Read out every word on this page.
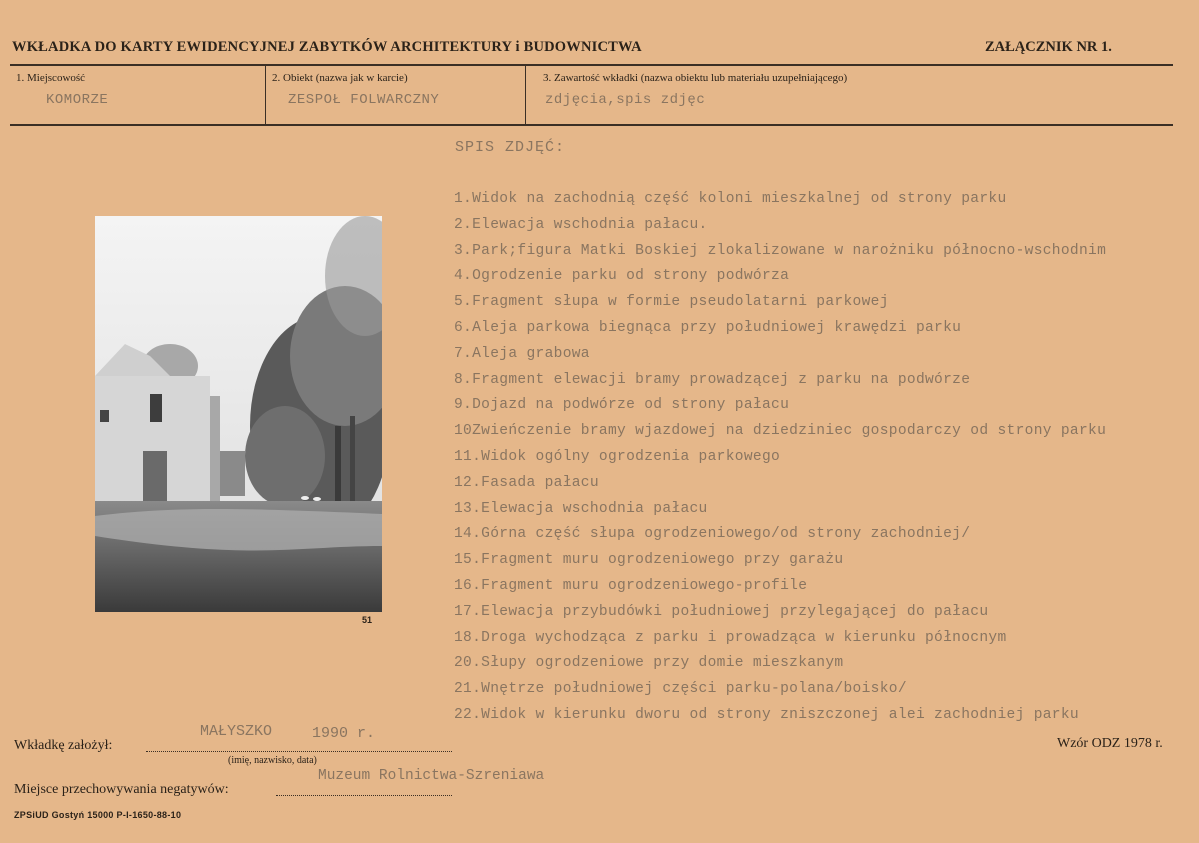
WKŁADKA DO KARTY EWIDENCYJNEJ ZABYTKÓW ARCHITEKTURY i BUDOWNICTWA	ZAŁĄCZNIK NR 1.
1. Miejscowość
KOMORZE
2. Obiekt (nazwa jak w karcie)
ZESPOŁ FOLWARCZNY
3. Zawartość wkładki (nazwa obiektu lub materiału uzupełniającego)
zdjęcia,spis zdjęc
51
SPIS ZDJĘĆ:
1.Widok na zachodnią część koloni mieszkalnej od strony parku
2.Elewacja wschodnia pałacu.
3.Park;figura Matki Boskiej zlokalizowane w narożniku północno-wschodnim
4.Ogrodzenie parku od strony podwórza
5.Fragment słupa w formie pseudolatarni parkowej
6.Aleja parkowa biegnąca przy południowej krawędzi parku
7.Aleja grabowa
8.Fragment elewacji bramy prowadzącej z parku na podwórze
9.Dojazd na podwórze od strony pałacu
10Zwieńczenie bramy wjazdowej na dziedziniec gospodarczy od strony parku
11.Widok ogólny ogrodzenia parkowego
12.Fasada pałacu
13.Elewacja wschodnia pałacu
14.Górna część słupa ogrodzeniowego/od strony zachodniej/
15.Fragment muru ogrodzeniowego przy garażu
16.Fragment muru ogrodzeniowego-profile
17.Elewacja przybudówki południowej przylegającej do pałacu
18.Droga wychodząca z parku i prowadząca w kierunku północnym
20.Słupy ogrodzeniowe przy domie mieszkanym
21.Wnętrze południowej części parku-polana/boisko/
22.Widok w kierunku dworu od strony zniszczonej alei zachodniej parku
Wkładkę założył:
MAŁYSZKO	1990 r.
(imię, nazwisko, data)
Wzór ODZ 1978 r.
Miejsce przechowywania negatywów:
Muzeum Rolnictwa-Szreniawa
ZPSiUD Gostyń 15000 P-I-1650-88-10
